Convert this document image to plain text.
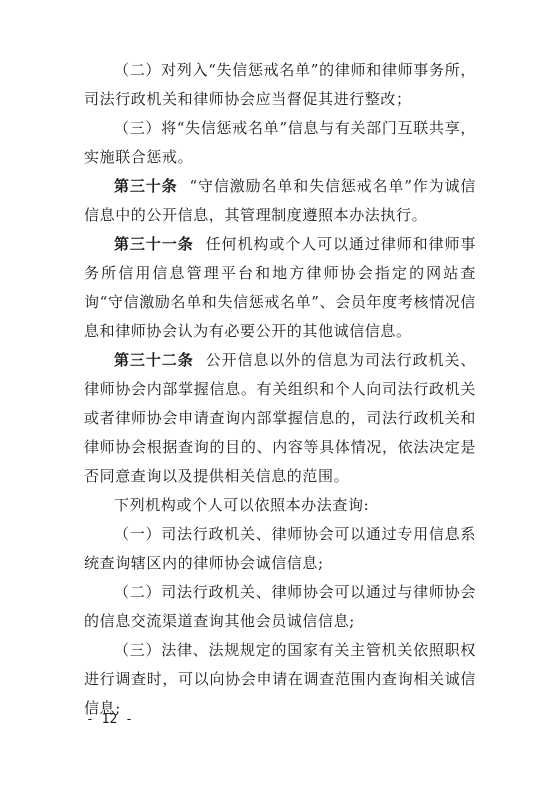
（二）对列入“失信惩戒名单”的律师和律师事务所，司法行政机关和律师协会应当督促其进行整改；

（三）将“失信惩戒名单”信息与有关部门互联共享，实施联合惩戒。

第三十条 “守信激励名单和失信惩戒名单”作为诚信信息中的公开信息，其管理制度遵照本办法执行。

第三十一条 任何机构或个人可以通过律师和律师事务所信用信息管理平台和地方律师协会指定的网站查询“守信激励名单和失信惩戒名单”、会员年度考核情况信息和律师协会认为有必要公开的其他诚信信息。

第三十二条 公开信息以外的信息为司法行政机关、律师协会内部掌握信息。有关组织和个人向司法行政机关或者律师协会申请查询内部掌握信息的，司法行政机关和律师协会根据查询的目的、内容等具体情况，依法决定是否同意查询以及提供相关信息的范围。

下列机构或个人可以依照本办法查询:

（一）司法行政机关、律师协会可以通过专用信息系统查询辖区内的律师协会诚信信息;

（二）司法行政机关、律师协会可以通过与律师协会的信息交流渠道查询其他会员诚信信息;

（三）法律、法规规定的国家有关主管机关依照职权进行调查时，可以向协会申请在调查范围内查询相关诚信信息;

- 12 -
